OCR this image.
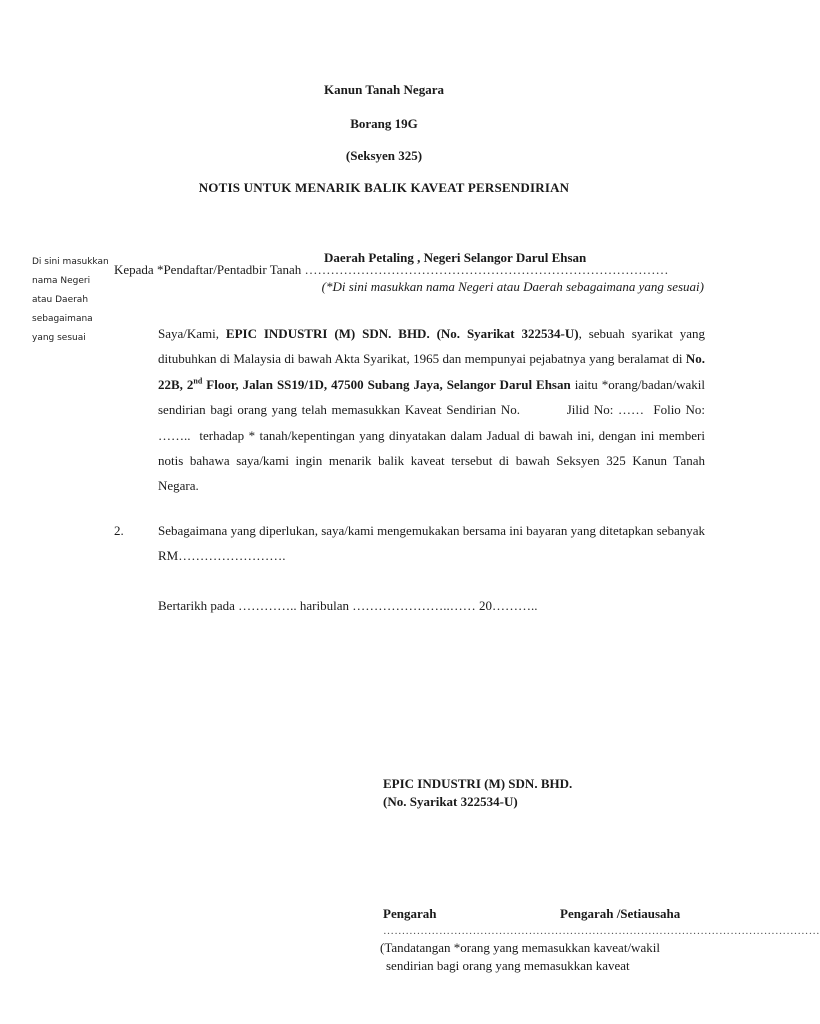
Kanun Tanah Negara
Borang 19G
(Seksyen 325)
NOTIS UNTUK MENARIK BALIK KAVEAT PERSENDIRIAN
Di sini masukkan
nama Negeri
atau Daerah
sebagaimana
yang sesuai
Daerah Petaling , Negeri Selangor Darul Ehsan
Kepada *Pendaftar/Pentadbir Tanah …………………………………………………………………………
(*Di sini masukkan nama Negeri atau Daerah sebagaimana yang sesuai)
Saya/Kami, EPIC INDUSTRI (M) SDN. BHD. (No. Syarikat 322534-U), sebuah syarikat yang ditubuhkan di Malaysia di bawah Akta Syarikat, 1965 dan mempunyai pejabatnya yang beralamat di No. 22B, 2nd Floor, Jalan SS19/1D, 47500 Subang Jaya, Selangor Darul Ehsan iaitu *orang/badan/wakil sendirian bagi orang yang telah memasukkan Kaveat Sendirian No.          Jilid No: ……  Folio No: ……..  terhadap * tanah/kepentingan yang dinyatakan dalam Jadual di bawah ini, dengan ini memberi notis bahawa saya/kami ingin menarik balik kaveat tersebut di bawah Seksyen 325 Kanun Tanah Negara.
2.	Sebagaimana yang diperlukan, saya/kami mengemukakan bersama ini bayaran yang ditetapkan sebanyak RM…………………….
Bertarikh pada ………….. haribulan …………………..…… 20………..
EPIC INDUSTRI (M) SDN. BHD.
(No. Syarikat 322534-U)
Pengarah	Pengarah /Setiausaha
………………………………………………………………………………………………………
(Tandatangan *orang yang memasukkan kaveat/wakil
sendirian bagi orang yang memasukkan kaveat
